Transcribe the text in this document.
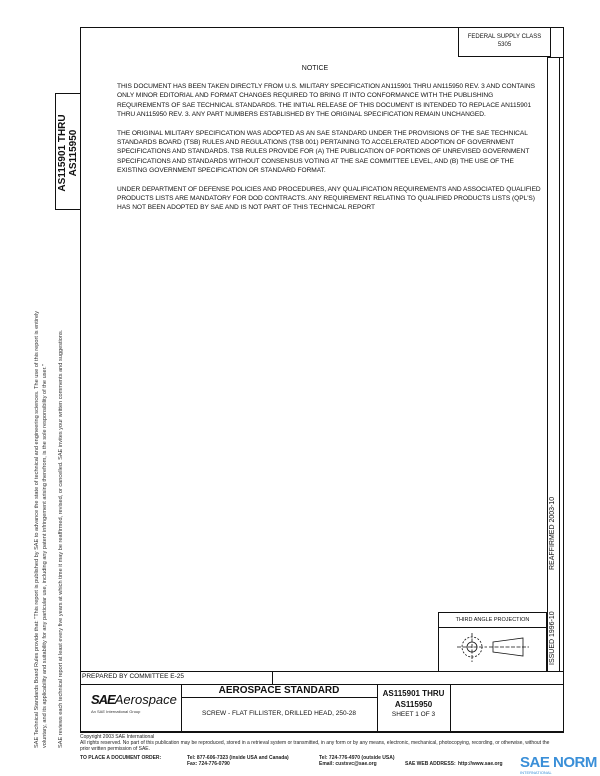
FEDERAL SUPPLY CLASS
5305
NOTICE

THIS DOCUMENT HAS BEEN TAKEN DIRECTLY FROM U.S. MILITARY SPECIFICATION AN115901 THRU AN115950 REV. 3 AND CONTAINS ONLY MINOR EDITORIAL AND FORMAT CHANGES REQUIRED TO BRING IT INTO CONFORMANCE WITH THE PUBLISHING REQUIREMENTS OF SAE TECHNICAL STANDARDS. THE INITIAL RELEASE OF THIS DOCUMENT IS INTENDED TO REPLACE AN115901 THRU AN115950 REV. 3. ANY PART NUMBERS ESTABLISHED BY THE ORIGINAL SPECIFICATION REMAIN UNCHANGED.

THE ORIGINAL MILITARY SPECIFICATION WAS ADOPTED AS AN SAE STANDARD UNDER THE PROVISIONS OF THE SAE TECHNICAL STANDARDS BOARD (TSB) RULES AND REGULATIONS (TSB 001) PERTAINING TO ACCELERATED ADOPTION OF GOVERNMENT SPECIFICATIONS AND STANDARDS. TSB RULES PROVIDE FOR (A) THE PUBLICATION OF PORTIONS OF UNREVISED GOVERNMENT SPECIFICATIONS AND STANDARDS WITHOUT CONSENSUS VOTING AT THE SAE COMMITTEE LEVEL, AND (B) THE USE OF THE EXISTING GOVERNMENT SPECIFICATION OR STANDARD FORMAT.

UNDER DEPARTMENT OF DEFENSE POLICIES AND PROCEDURES, ANY QUALIFICATION REQUIREMENTS AND ASSOCIATED QUALIFIED PRODUCTS LISTS ARE MANDATORY FOR DOD CONTRACTS. ANY REQUIREMENT RELATING TO QUALIFIED PRODUCTS LISTS (QPL'S) HAS NOT BEEN ADOPTED BY SAE AND IS NOT PART OF THIS TECHNICAL REPORT

AS115901 THRU AS115950
SAE Technical Standards Board Rules provide that: "This report is published by SAE to advance the state of technical and engineering sciences. The use of this report is entirely voluntary, and its applicability and suitability for any particular use, including any patent infringement arising therefrom, is the sole responsibility of the user." SAE reviews each technical report at least every five years at which time it may be reaffirmed, revised, or cancelled. SAE invites your written comments and suggestions.	ISSUED 1996-10
REAFFIRMED 2003-10
THIRD ANGLE PROJECTION
PREPARED BY COMMITTEE E-25
SAEAerospace
An SAE International Group
AEROSPACE STANDARD
SCREW - FLAT FILLISTER, DRILLED HEAD, 250-28
AS115901 THRU
AS115950
SHEET 1 OF 3
Copyright 2003 SAE International
All rights reserved. No part of this publication may be reproduced, stored in a retrieval system or transmitted, in any form or by any means, electronic, mechanical, photocopying, recording, or otherwise, without the prior written permission of SAE.
TO PLACE A DOCUMENT ORDER:	Tel: 877-606-7323 (inside USA and Canada)
Fax: 724-776-0790
Tel: 724-776-4970 (outside USA)
Email: custsvc@sae.org	SAE WEB ADDRESS: http://www.sae.org SAE NORM
INTERNATIONAL
